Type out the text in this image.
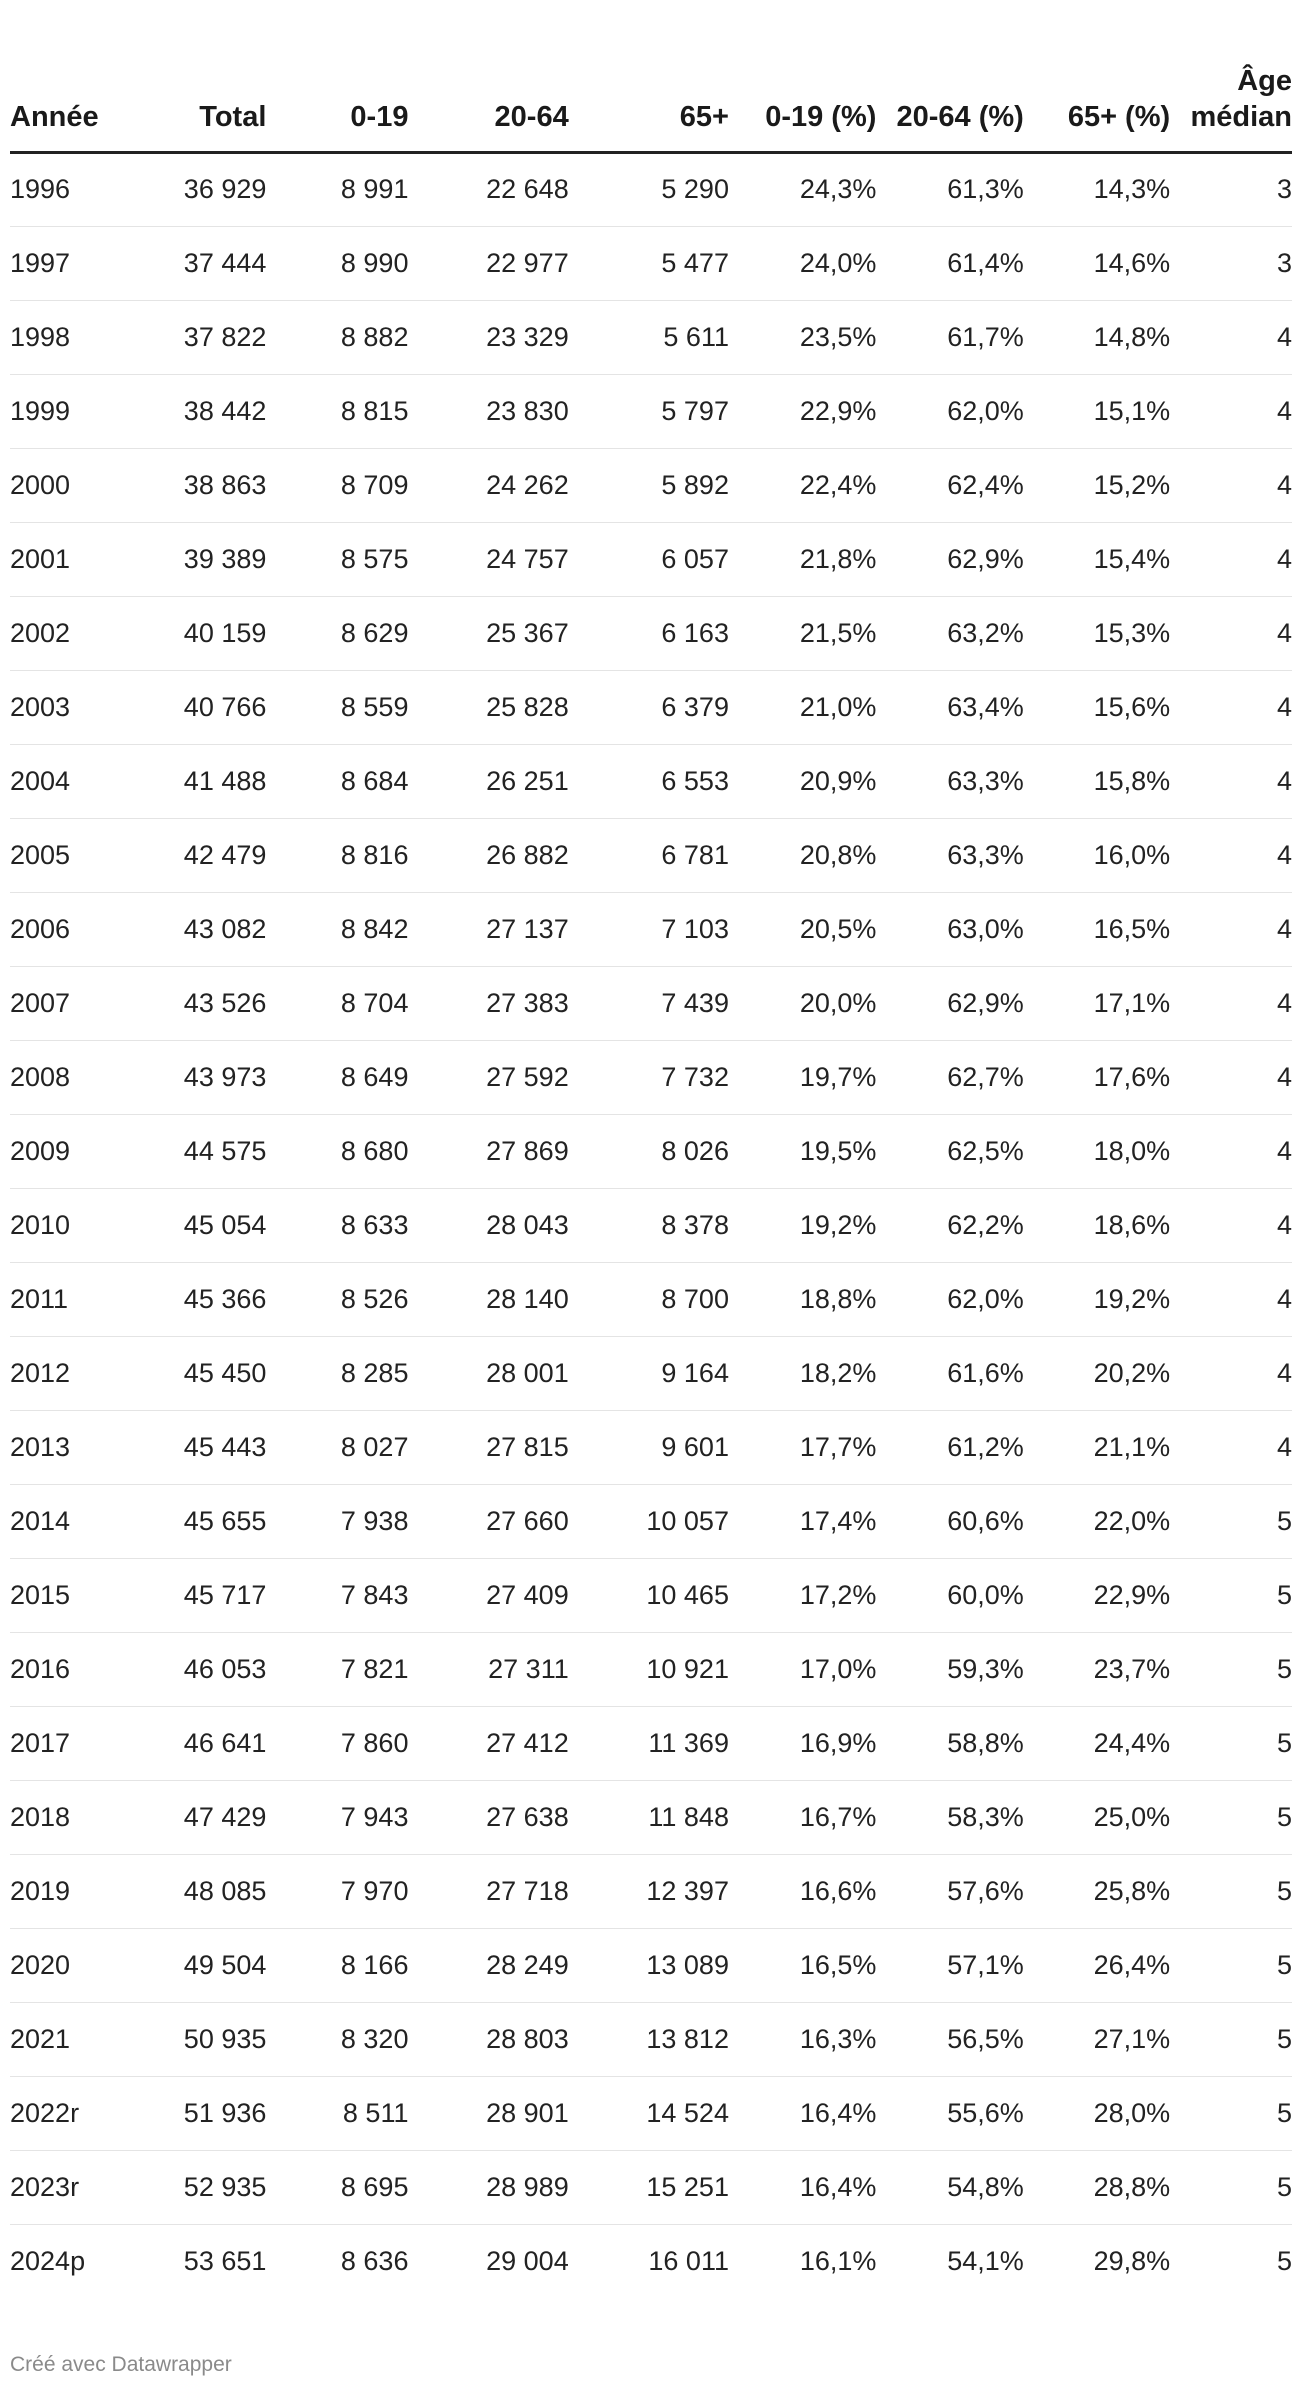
Année	Total	0-19	20-64	65+	0-19 (%)	20-64 (%)	65+ (%)	Âge médian
1996	36 929	8 991	22 648	5 290	24,3%	61,3%	14,3%	3
1997	37 444	8 990	22 977	5 477	24,0%	61,4%	14,6%	3
1998	37 822	8 882	23 329	5 611	23,5%	61,7%	14,8%	4
1999	38 442	8 815	23 830	5 797	22,9%	62,0%	15,1%	4
2000	38 863	8 709	24 262	5 892	22,4%	62,4%	15,2%	4
2001	39 389	8 575	24 757	6 057	21,8%	62,9%	15,4%	4
2002	40 159	8 629	25 367	6 163	21,5%	63,2%	15,3%	4
2003	40 766	8 559	25 828	6 379	21,0%	63,4%	15,6%	4
2004	41 488	8 684	26 251	6 553	20,9%	63,3%	15,8%	4
2005	42 479	8 816	26 882	6 781	20,8%	63,3%	16,0%	4
2006	43 082	8 842	27 137	7 103	20,5%	63,0%	16,5%	4
2007	43 526	8 704	27 383	7 439	20,0%	62,9%	17,1%	4
2008	43 973	8 649	27 592	7 732	19,7%	62,7%	17,6%	4
2009	44 575	8 680	27 869	8 026	19,5%	62,5%	18,0%	4
2010	45 054	8 633	28 043	8 378	19,2%	62,2%	18,6%	4
2011	45 366	8 526	28 140	8 700	18,8%	62,0%	19,2%	4
2012	45 450	8 285	28 001	9 164	18,2%	61,6%	20,2%	4
2013	45 443	8 027	27 815	9 601	17,7%	61,2%	21,1%	4
2014	45 655	7 938	27 660	10 057	17,4%	60,6%	22,0%	5
2015	45 717	7 843	27 409	10 465	17,2%	60,0%	22,9%	5
2016	46 053	7 821	27 311	10 921	17,0%	59,3%	23,7%	5
2017	46 641	7 860	27 412	11 369	16,9%	58,8%	24,4%	5
2018	47 429	7 943	27 638	11 848	16,7%	58,3%	25,0%	5
2019	48 085	7 970	27 718	12 397	16,6%	57,6%	25,8%	5
2020	49 504	8 166	28 249	13 089	16,5%	57,1%	26,4%	5
2021	50 935	8 320	28 803	13 812	16,3%	56,5%	27,1%	5
2022r	51 936	8 511	28 901	14 524	16,4%	55,6%	28,0%	5
2023r	52 935	8 695	28 989	15 251	16,4%	54,8%	28,8%	5
2024p	53 651	8 636	29 004	16 011	16,1%	54,1%	29,8%	5
Créé avec Datawrapper
